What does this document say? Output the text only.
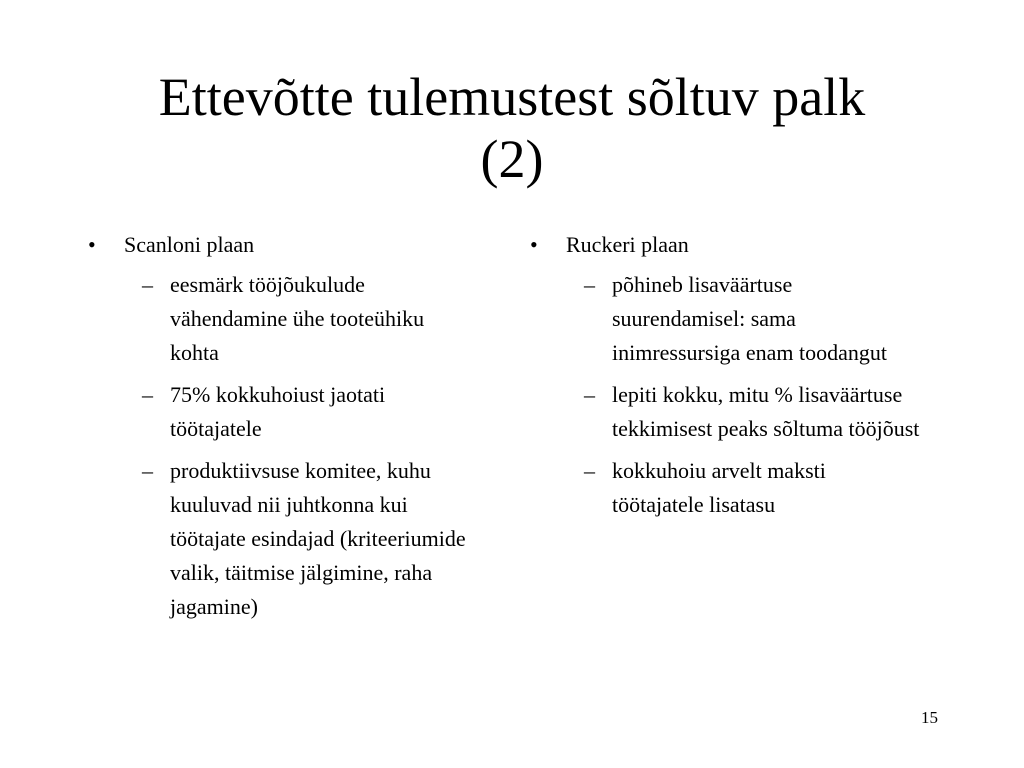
Ettevõtte tulemustest sõltuv palk
(2)
• Scanloni plaan
– eesmärk tööjõukulude vähendamine ühe tooteühiku kohta
– 75% kokkuhoiust jaotati töötajatele
– produktiivsuse komitee, kuhu kuuluvad nii juhtkonna kui töötajate esindajad (kriteeriumide valik, täitmise jälgimine, raha jagamine)
• Ruckeri plaan
– põhineb lisaväärtuse suurendamisel: sama inimressursiga enam toodangut
– lepiti kokku, mitu % lisaväärtuse tekkimisest peaks sõltuma tööjõust
– kokkuhoiu arvelt maksti töötajatele lisatasu
15
